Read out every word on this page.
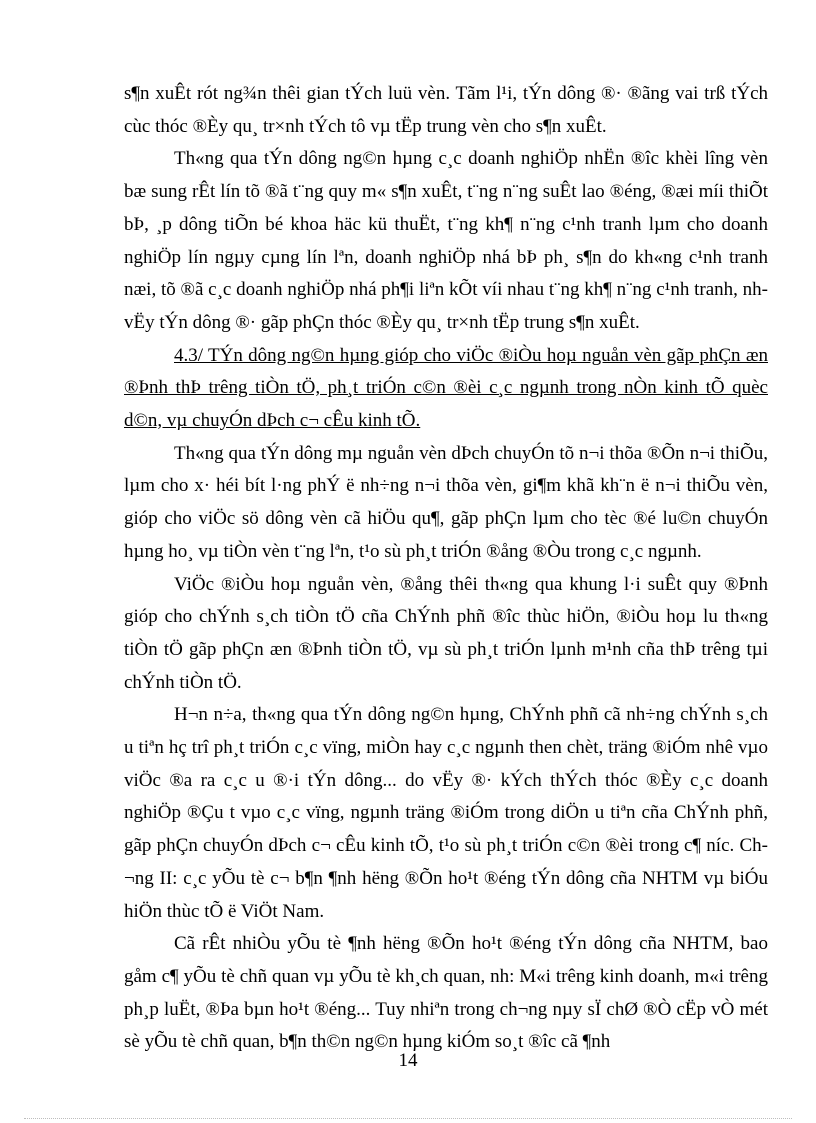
s¶n xuÊt rót ng¾n thêi gian tÝch luü vèn. Tãm l¹i, tÝn dông ®· ®ãng vai trß tÝch cùc thóc ®Èy qu¸ tr×nh tÝch tô vµ tËp trung vèn cho s¶n xuÊt.

Th«ng qua tÝn dông ng©n hµng c¸c doanh nghiÖp nhËn ®îc khèi lîng vèn bæ sung rÊt lín tõ ®ã t¨ng quy m« s¶n xuÊt, t¨ng n¨ng suÊt lao ®éng, ®æi míi thiÕt bÞ, ¸p dông tiÕn bé khoa häc kü thuËt, t¨ng kh¶ n¨ng c¹nh tranh lµm cho doanh nghiÖp lín ngµy cµng lín lªn, doanh nghiÖp nhá bÞ ph¸ s¶n do kh«ng c¹nh tranh næi, tõ ®ã c¸c doanh nghiÖp nhá ph¶i liªn kÕt víi nhau t¨ng kh¶ n¨ng c¹nh tranh, nh vËy tÝn dông ®· gãp phÇn thóc ®Èy qu¸ tr×nh tËp trung s¶n xuÊt.

4.3/ TÝn dông ng©n hµng gióp cho viÖc ®iÒu hoµ nguån vèn gãp phÇn æn ®Þnh thÞ trêng tiÒn tÖ, ph¸t triÓn c©n ®èi c¸c ngµnh trong nÒn kinh tÕ quèc d©n, vµ chuyÓn dÞch c¬ cÊu kinh tÕ.

Th«ng qua tÝn dông mµ nguån vèn dÞch chuyÓn tõ n¬i thõa ®Õn n¬i thiÕu, lµm cho x· héi bít l·ng phÝ ë nh÷ng n¬i thõa vèn, gi¶m khã kh¨n ë n¬i thiÕu vèn, gióp cho viÖc sö dông vèn cã hiÖu qu¶, gãp phÇn lµm cho tèc ®é lu©n chuyÓn hµng ho¸ vµ tiÒn vèn t¨ng lªn, t¹o sù ph¸t triÓn ®ång ®Òu trong c¸c ngµnh.

ViÖc ®iÒu hoµ nguån vèn, ®ång thêi th«ng qua khung l·i suÊt quy ®Þnh gióp cho chÝnh s¸ch tiÒn tÖ cña ChÝnh phñ ®îc thùc hiÖn, ®iÒu hoµ lu th«ng tiÒn tÖ gãp phÇn æn ®Þnh tiÒn tÖ, vµ sù ph¸t triÓn lµnh m¹nh cña thÞ trêng tµi chÝnh tiÒn tÖ.

H¬n n÷a, th«ng qua tÝn dông ng©n hµng, ChÝnh phñ cã nh÷ng chÝnh s¸ch u tiªn hç trî ph¸t triÓn c¸c vïng, miÒn hay c¸c ngµnh then chèt, träng ®iÓm nhê vµo viÖc ®a ra c¸c u ®·i tÝn dông... do vËy ®· kÝch thÝch thóc ®Èy c¸c doanh nghiÖp ®Çu t vµo c¸c vïng, ngµnh träng ®iÓm trong diÖn u tiªn cña ChÝnh phñ, gãp phÇn chuyÓn dÞch c¬ cÊu kinh tÕ, t¹o sù ph¸t triÓn c©n ®èi trong c¶ níc. Ch¬ng II: c¸c yÕu tè c¬ b¶n ¶nh hëng ®Õn ho¹t ®éng tÝn dông cña NHTM vµ biÓu hiÖn thùc tÕ ë ViÖt Nam.

Cã rÊt nhiÒu yÕu tè ¶nh hëng ®Õn ho¹t ®éng tÝn dông cña NHTM, bao gåm c¶ yÕu tè chñ quan vµ yÕu tè kh¸ch quan, nh: M«i trêng kinh doanh, m«i trêng ph¸p luËt, ®Þa bµn ho¹t ®éng... Tuy nhiªn trong ch¬ng nµy sÏ chØ ®Ò cËp vÒ mét sè yÕu tè chñ quan, b¶n th©n ng©n hµng kiÓm so¸t ®îc cã ¶nh

14
